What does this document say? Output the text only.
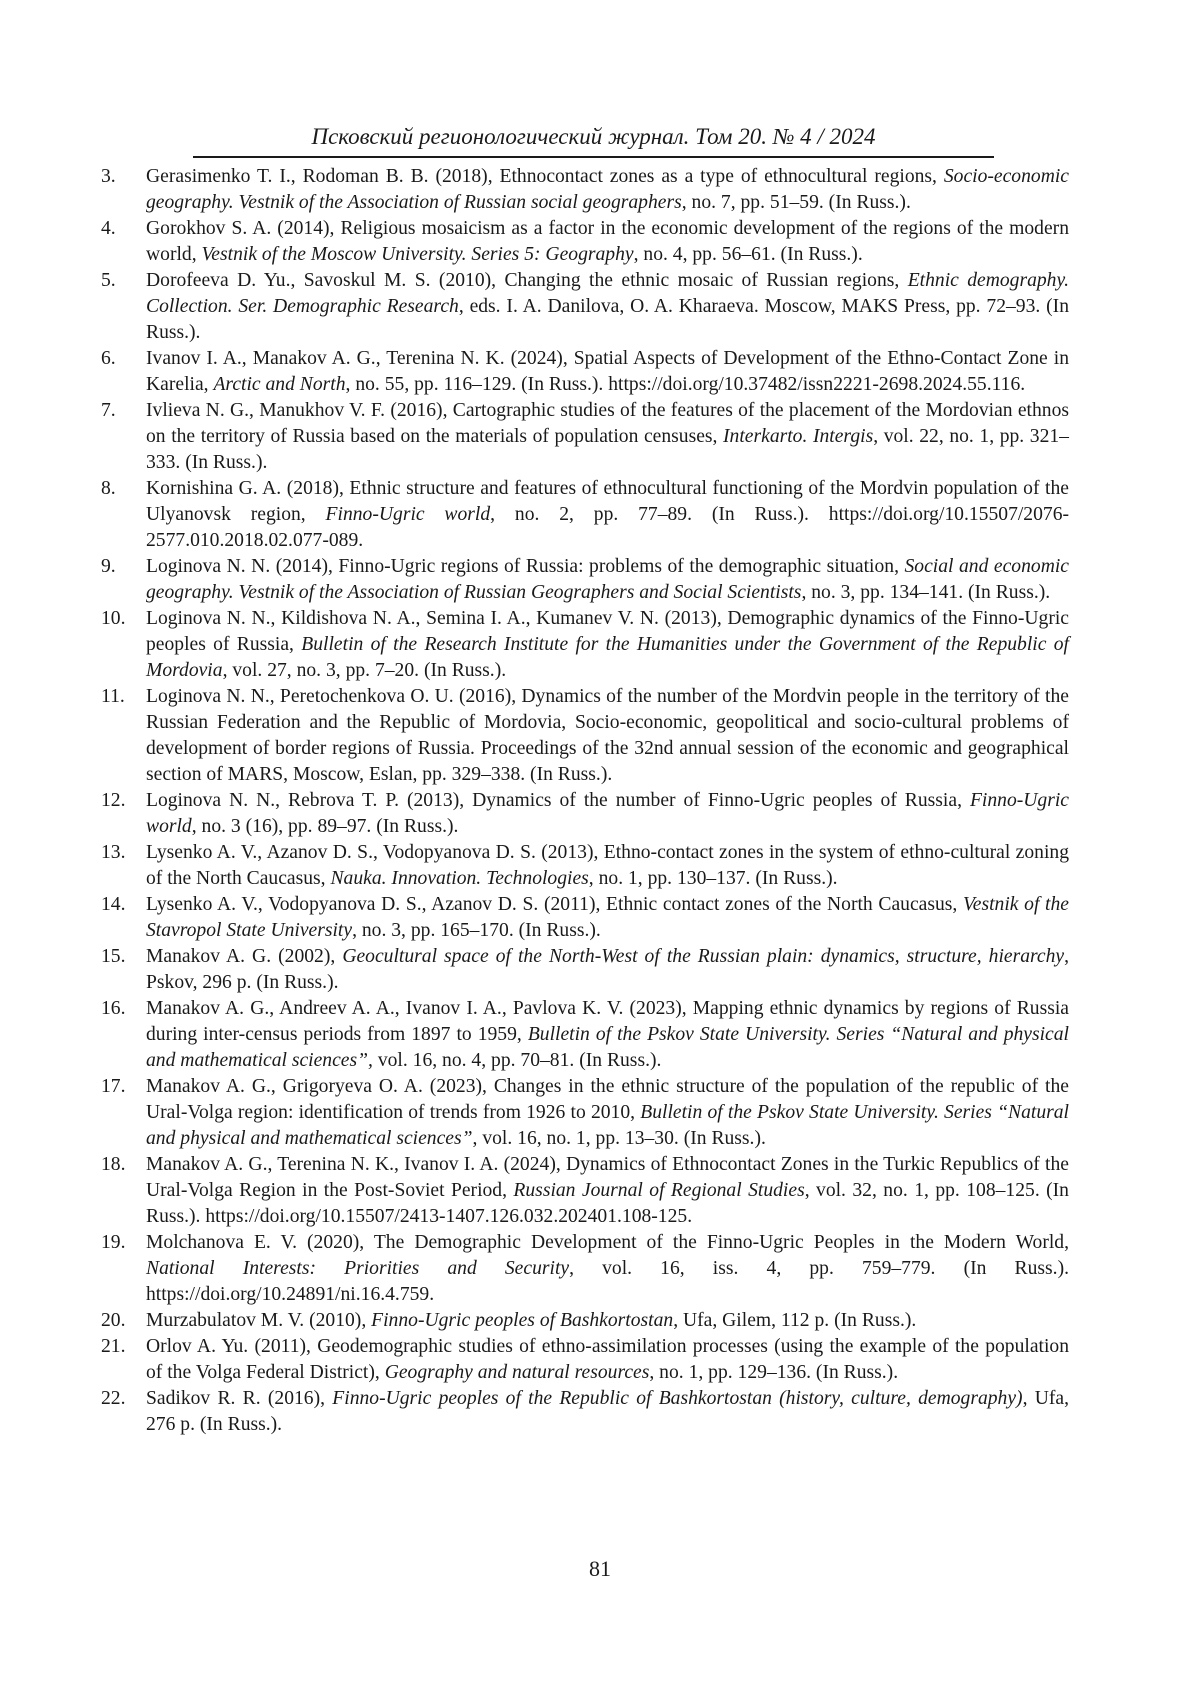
Псковский регионологический журнал. Том 20. № 4 / 2024
3. Gerasimenko T. I., Rodoman B. B. (2018), Ethnocontact zones as a type of ethnocultural regions, Socio-economic geography. Vestnik of the Association of Russian social geographers, no. 7, pp. 51–59. (In Russ.).
4. Gorokhov S. A. (2014), Religious mosaicism as a factor in the economic development of the regions of the modern world, Vestnik of the Moscow University. Series 5: Geography, no. 4, pp. 56–61. (In Russ.).
5. Dorofeeva D. Yu., Savoskul M. S. (2010), Changing the ethnic mosaic of Russian regions, Ethnic demography. Collection. Ser. Demographic Research, eds. I. A. Danilova, O. A. Kharaeva. Moscow, MAKS Press, pp. 72–93. (In Russ.).
6. Ivanov I. A., Manakov A. G., Terenina N. K. (2024), Spatial Aspects of Development of the Ethno-Contact Zone in Karelia, Arctic and North, no. 55, pp. 116–129. (In Russ.). https://doi.org/10.37482/issn2221-2698.2024.55.116.
7. Ivlieva N. G., Manukhov V. F. (2016), Cartographic studies of the features of the placement of the Mordovian ethnos on the territory of Russia based on the materials of population censuses, Interkarto. Intergis, vol. 22, no. 1, pp. 321–333. (In Russ.).
8. Kornishina G. A. (2018), Ethnic structure and features of ethnocultural functioning of the Mordvin population of the Ulyanovsk region, Finno-Ugric world, no. 2, pp. 77–89. (In Russ.). https://doi.org/10.15507/2076-2577.010.2018.02.077-089.
9. Loginova N. N. (2014), Finno-Ugric regions of Russia: problems of the demographic situation, Social and economic geography. Vestnik of the Association of Russian Geographers and Social Scientists, no. 3, pp. 134–141. (In Russ.).
10. Loginova N. N., Kildishova N. A., Semina I. A., Kumanev V. N. (2013), Demographic dynamics of the Finno-Ugric peoples of Russia, Bulletin of the Research Institute for the Humanities under the Government of the Republic of Mordovia, vol. 27, no. 3, pp. 7–20. (In Russ.).
11. Loginova N. N., Peretochenkova O. U. (2016), Dynamics of the number of the Mordvin people in the territory of the Russian Federation and the Republic of Mordovia, Socio-economic, geopolitical and socio-cultural problems of development of border regions of Russia. Proceedings of the 32nd annual session of the economic and geographical section of MARS, Moscow, Eslan, pp. 329–338. (In Russ.).
12. Loginova N. N., Rebrova T. P. (2013), Dynamics of the number of Finno-Ugric peoples of Russia, Finno-Ugric world, no. 3 (16), pp. 89–97. (In Russ.).
13. Lysenko A. V., Azanov D. S., Vodopyanova D. S. (2013), Ethno-contact zones in the system of ethno-cultural zoning of the North Caucasus, Nauka. Innovation. Technologies, no. 1, pp. 130–137. (In Russ.).
14. Lysenko A. V., Vodopyanova D. S., Azanov D. S. (2011), Ethnic contact zones of the North Caucasus, Vestnik of the Stavropol State University, no. 3, pp. 165–170. (In Russ.).
15. Manakov A. G. (2002), Geocultural space of the North-West of the Russian plain: dynamics, structure, hierarchy, Pskov, 296 p. (In Russ.).
16. Manakov A. G., Andreev A. A., Ivanov I. A., Pavlova K. V. (2023), Mapping ethnic dynamics by regions of Russia during inter-census periods from 1897 to 1959, Bulletin of the Pskov State University. Series “Natural and physical and mathematical sciences”, vol. 16, no. 4, pp. 70–81. (In Russ.).
17. Manakov A. G., Grigoryeva O. A. (2023), Changes in the ethnic structure of the population of the republic of the Ural-Volga region: identification of trends from 1926 to 2010, Bulletin of the Pskov State University. Series “Natural and physical and mathematical sciences”, vol. 16, no. 1, pp. 13–30. (In Russ.).
18. Manakov A. G., Terenina N. K., Ivanov I. A. (2024), Dynamics of Ethnocontact Zones in the Turkic Republics of the Ural-Volga Region in the Post-Soviet Period, Russian Journal of Regional Studies, vol. 32, no. 1, pp. 108–125. (In Russ.). https://doi.org/10.15507/2413-1407.126.032.202401.108-125.
19. Molchanova E. V. (2020), The Demographic Development of the Finno-Ugric Peoples in the Modern World, National Interests: Priorities and Security, vol. 16, iss. 4, pp. 759–779. (In Russ.). https://doi.org/10.24891/ni.16.4.759.
20. Murzabulatov M. V. (2010), Finno-Ugric peoples of Bashkortostan, Ufa, Gilem, 112 p. (In Russ.).
21. Orlov A. Yu. (2011), Geodemographic studies of ethno-assimilation processes (using the example of the population of the Volga Federal District), Geography and natural resources, no. 1, pp. 129–136. (In Russ.).
22. Sadikov R. R. (2016), Finno-Ugric peoples of the Republic of Bashkortostan (history, culture, demography), Ufa, 276 p. (In Russ.).
81
